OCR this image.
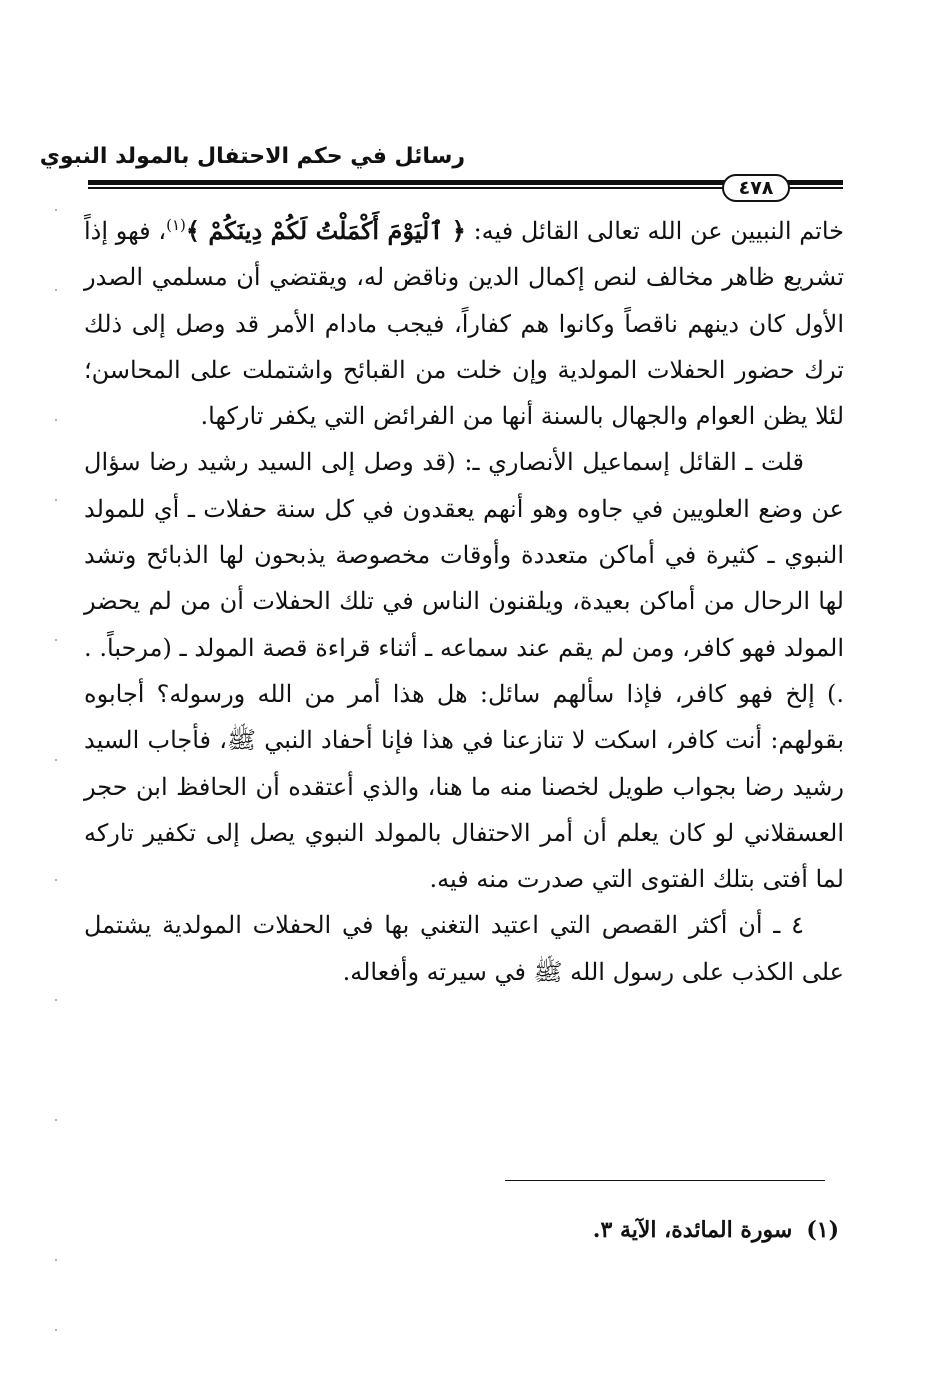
رسائل في حكم الاحتفال بالمولد النبوي
٤٧٨

خاتم النبيين عن الله تعالى القائل فيه: ﴿ ٱلْيَوْمَ أَكْمَلْتُ لَكُمْ دِينَكُمْ ﴾$^{(١)}$، فهو إذاً تشريع ظاهر مخالف لنص إكمال الدين وناقض له، ويقتضي أن مسلمي الصدر الأول كان دينهم ناقصاً وكانوا هم كفاراً، فيجب مادام الأمر قد وصل إلى ذلك ترك حضور الحفلات المولدية وإن خلت من القبائح واشتملت على المحاسن؛ لئلا يظن العوام والجهال بالسنة أنها من الفرائض التي يكفر تاركها.

قلت ـ القائل إسماعيل الأنصاري ـ: (قد وصل إلى السيد رشيد رضا سؤال عن وضع العلويين في جاوه وهو أنهم يعقدون في كل سنة حفلات ـ أي للمولد النبوي ـ كثيرة في أماكن متعددة وأوقات مخصوصة يذبحون لها الذبائح وتشد لها الرحال من أماكن بعيدة، ويلقنون الناس في تلك الحفلات أن من لم يحضر المولد فهو كافر، ومن لم يقم عند سماعه ـ أثناء قراءة قصة المولد ـ (مرحباً. . .) إلخ فهو كافر، فإذا سألهم سائل: هل هذا أمر من الله ورسوله؟ أجابوه بقولهم: أنت كافر، اسكت لا تنازعنا في هذا فإنا أحفاد النبي ﷺ، فأجاب السيد رشيد رضا بجواب طويل لخصنا منه ما هنا، والذي أعتقده أن الحافظ ابن حجر العسقلاني لو كان يعلم أن أمر الاحتفال بالمولد النبوي يصل إلى تكفير تاركه لما أفتى بتلك الفتوى التي صدرت منه فيه.

٤ ـ أن أكثر القصص التي اعتيد التغني بها في الحفلات المولدية يشتمل على الكذب على رسول الله ﷺ في سيرته وأفعاله.

(١)سورة المائدة، الآية ٣.
